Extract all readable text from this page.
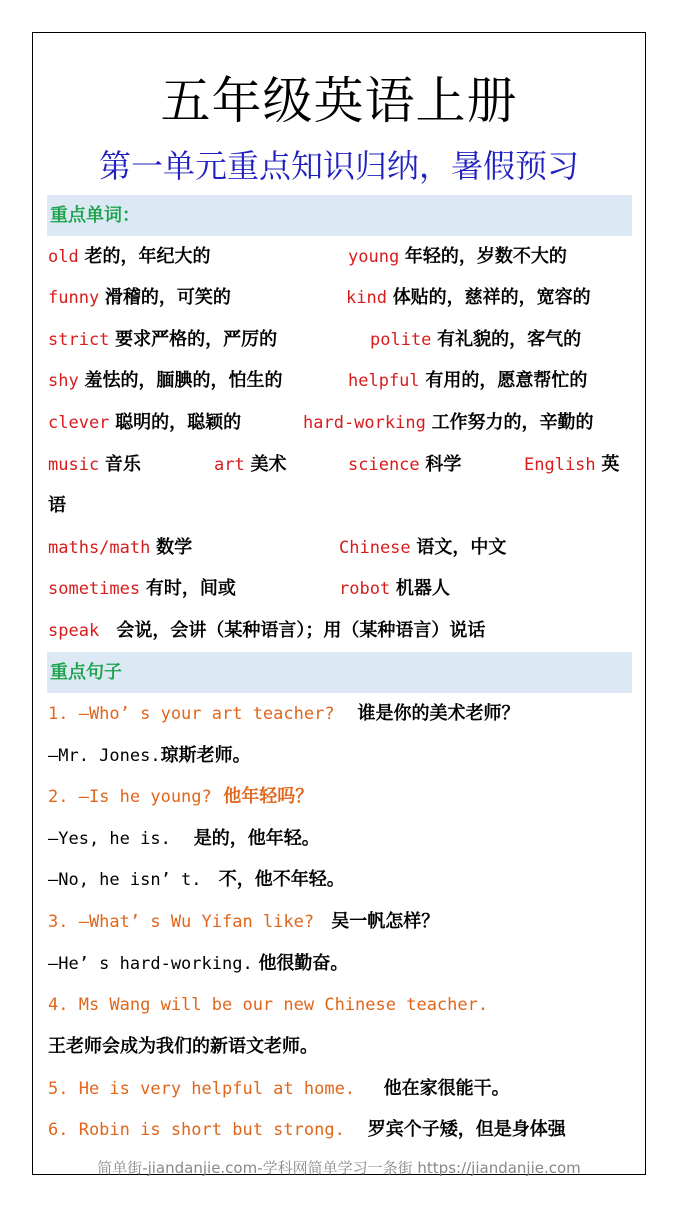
五年级英语上册
第一单元重点知识归纳，暑假预习
重点单词：
old 老的，年纪大的	young 年轻的，岁数不大的
funny 滑稽的，可笑的	kind 体贴的，慈祥的，宽容的
strict 要求严格的，严厉的	polite 有礼貌的，客气的
shy 羞怯的，腼腆的，怕生的	helpful 有用的，愿意帮忙的
clever 聪明的，聪颖的	hard-working 工作努力的，辛勤的
music 音乐	art 美术	science 科学	English 英
语
maths/math 数学	Chinese 语文，中文
sometimes 有时，间或	robot 机器人
speak 会说，会讲（某种语言）；用（某种语言）说话
重点句子
1. —Who’ s your art teacher? 谁是你的美术老师？
—Mr. Jones.琼斯老师。
2. —Is he young? 他年轻吗？
—Yes, he is. 是的，他年轻。
—No, he isn’ t. 不，他不年轻。
3. —What’ s Wu Yifan like? 吴一帆怎样？
—He’ s hard-working. 他很勤奋。
4. Ms Wang will be our new Chinese teacher.
王老师会成为我们的新语文老师。
5. He is very helpful at home. 他在家很能干。
6. Robin is short but strong. 罗宾个子矮，但是身体强
简单街-jiandanjie.com-学科网简单学习一条街 https://jiandanjie.com
